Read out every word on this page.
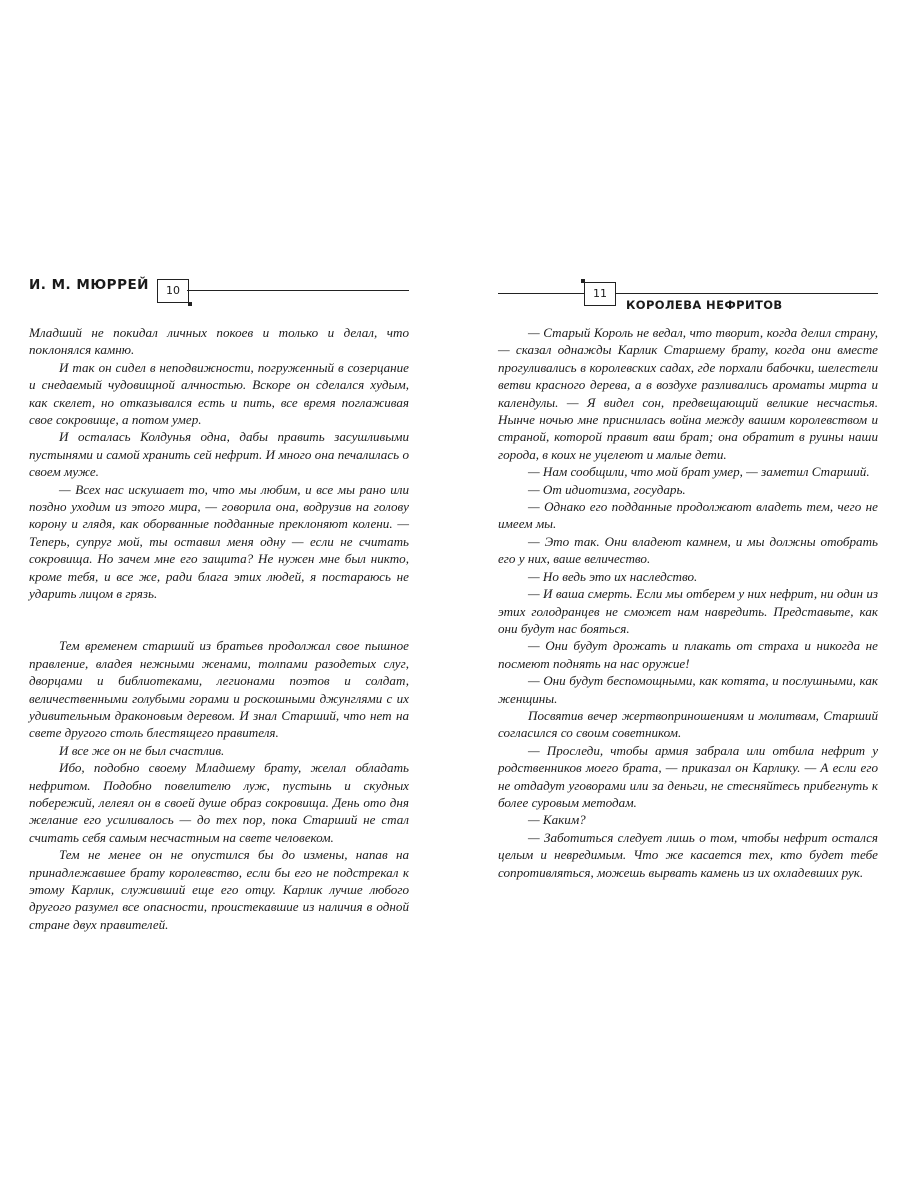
И. М. МЮРРЕЙ	10

Младший не покидал личных покоев и только и делал, что поклонялся камню.

И так он сидел в неподвижности, погруженный в созерцание и снедаемый чудовищной алчностью. Вскоре он сделался худым, как скелет, но отказывался есть и пить, все время поглаживая свое сокровище, а потом умер.

И осталась Колдунья одна, дабы править засушливыми пустынями и самой хранить сей нефрит. И много она печалилась о своем муже.

— Всех нас искушает то, что мы любим, и все мы рано или поздно уходим из этого мира, — говорила она, водрузив на голову корону и глядя, как оборванные подданные преклоняют колени. — Теперь, супруг мой, ты оставил меня одну — если не считать сокровища. Но зачем мне его защита? Не нужен мне был никто, кроме тебя, и все же, ради блага этих людей, я постараюсь не ударить лицом в грязь.

Тем временем старший из братьев продолжал свое пышное правление, владея нежными женами, толпами разодетых слуг, дворцами и библиотеками, легионами поэтов и солдат, величественными голубыми горами и роскошными джунглями с их удивительным драконовым деревом. И знал Старший, что нет на свете другого столь блестящего правителя.

И все же он не был счастлив.

Ибо, подобно своему Младшему брату, желал обладать нефритом. Подобно повелителю луж, пустынь и скудных побережий, лелеял он в своей душе образ сокровища. День ото дня желание его усиливалось — до тех пор, пока Старший не стал считать себя самым несчастным на свете человеком.

Тем не менее он не опустился бы до измены, напав на принадлежавшее брату королевство, если бы его не подстрекал к этому Карлик, служивший еще его отцу. Карлик лучше любого другого разумел все опасности, проистекавшие из наличия в одной стране двух правителей.

11
КОРОЛЕВА НЕФРИТОВ

— Старый Король не ведал, что творит, когда делил страну, — сказал однажды Карлик Старшему брату, когда они вместе прогуливались в королевских садах, где порхали бабочки, шелестели ветви красного дерева, а в воздухе разливались ароматы мирта и календулы. — Я видел сон, предвещающий великие несчастья. Нынче ночью мне приснилась война между вашим королевством и страной, которой правит ваш брат; она обратит в руины наши города, в коих не уцелеют и малые дети.

— Нам сообщили, что мой брат умер, — заметил Старший.

— От идиотизма, государь.

— Однако его подданные продолжают владеть тем, чего не имеем мы.

— Это так. Они владеют камнем, и мы должны отобрать его у них, ваше величество.

— Но ведь это их наследство.

— И ваша смерть. Если мы отберем у них нефрит, ни один из этих голодранцев не сможет нам навредить. Представьте, как они будут нас бояться.

— Они будут дрожать и плакать от страха и никогда не посмеют поднять на нас оружие!

— Они будут беспомощными, как котята, и послушными, как женщины.

Посвятив вечер жертвоприношениям и молитвам, Старший согласился со своим советником.

— Проследи, чтобы армия забрала или отбила нефрит у родственников моего брата, — приказал он Карлику. — А если его не отдадут уговорами или за деньги, не стесняйтесь прибегнуть к более суровым методам.

— Каким?

— Заботиться следует лишь о том, чтобы нефрит остался целым и невредимым. Что же касается тех, кто будет тебе сопротивляться, можешь вырвать камень из их охладевших рук.
